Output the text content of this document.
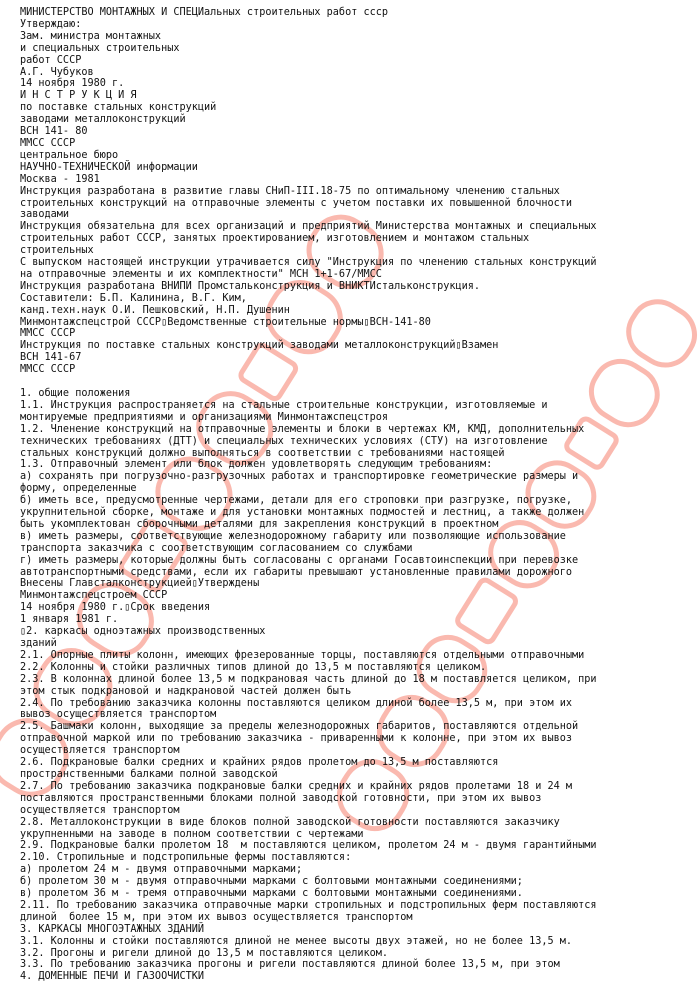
МИНИСТЕРСТВО МОНТАЖНЫХ И СПЕЦИальных строительных работ ссср
Утверждаю:
Зам. министра монтажных
и специальных строительных
работ СССР
А.Г. Чубуков
14 ноября 1980 г.
И Н С Т Р У К Ц И Я
по поставке стальных конструкций
заводами металлоконструкций
ВСН 141- 80
ММСС СССР
центральное бюро
НАУЧНО-ТЕХНИЧЕСКОЙ информации
Москва - 1981
Инструкция разработана в развитие главы СНиП-III.18-75 по оптимальному членению стальных
строительных конструкций на отправочные элементы с учетом поставки их повышенной блочности
заводами
Инструкция обязательна для всех организаций и предприятий Министерства монтажных и специальных
строительных работ СССР, занятых проектированием, изготовлением и монтажом стальных
строительных
С выпуском настоящей инструкции утрачивается силу "Инструкция по членению стальных конструкций
на отправочные элементы и их комплектности" МСН 1+1-67/ММСС
Инструкция разработана ВНИПИ Промстальконструкция и ВНИКТИстальконструкция.
Составители: Б.П. Калинина, В.Г. Ким,
канд.техн.наук О.И. Пешковский, Н.П. Душенин
Минмонтажспецстрой СССР▯Ведомственные строительные нормы▯ВСН-141-80
ММСС СССР
Инструкция по поставке стальных конструкций заводами металлоконструкций▯Взамен
ВСН 141-67
ММСС СССР
1. общие положения
1.1. Инструкция распространяется на стальные строительные конструкции, изготовляемые и
монтируемые предприятиями и организациями Минмонтажспецстроя
1.2. Членение конструкций на отправочные элементы и блоки в чертежах КМ, КМД, дополнительных
технических требованиях (ДТТ) и специальных технических условиях (СТУ) на изготовление
стальных конструкций должно выполняться в соответствии с требованиями настоящей
1.3. Отправочный элемент или блок должен удовлетворять следующим требованиям:
а) сохранять при погрузочно-разгрузочных работах и транспортировке геометрические размеры и
форму, определенные
б) иметь все, предусмотренные чертежами, детали для его строповки при разгрузке, погрузке,
укрупнительной сборке, монтаже и для установки монтажных подмостей и лестниц, а также должен
быть укомплектован сборочными деталями для закрепления конструкций в проектном
в) иметь размеры, соответствующие железнодорожному габариту или позволяющие использование
транспорта заказчика с соответствующим согласованием со службами
г) иметь размеры, которые должны быть согласованы с органами Госавтоинспекции при перевозке
автотранспортными средствами, если их габариты превышают установленные правилами дорожного
Внесены Главсталконструкцией▯Утверждены
Минмонтажспецстроем СССР
14 ноября 1980 г.▯Срок введения
1 января 1981 г.
▯2. каркасы одноэтажных производственных
зданий
2.1. Опорные плиты колонн, имеющих фрезерованные торцы, поставляются отдельными отправочными
2.2. Колонны и стойки различных типов длиной до 13,5 м поставляются целиком.
2.3. В колоннах длиной более 13,5 м подкрановая часть длиной до 18 м поставляется целиком, при
этом стык подкрановой и надкрановой частей должен быть
2.4. По требованию заказчика колонны поставляются целиком длиной более 13,5 м, при этом их
вывоз осуществляется транспортом
2.5. Башмаки колонн, выходящие за пределы железнодорожных габаритов, поставляются отдельной
отправочной маркой или по требованию заказчика - приваренными к колонне, при этом их вывоз
осуществляется транспортом
2.6. Подкрановые балки средних и крайних рядов пролетом до 13,5 м поставляются
пространственными балками полной заводской
2.7. По требованию заказчика подкрановые балки средних и крайних рядов пролетами 18 и 24 м
поставляются пространственными блоками полной заводской готовности, при этом их вывоз
осуществляется транспортом
2.8. Металлоконструкции в виде блоков полной заводской готовности поставляются заказчику
укрупненными на заводе в полном соответствии с чертежами
2.9. Подкрановые балки пролетом 18  м поставляются целиком, пролетом 24 м - двумя гарантийными
2.10. Стропильные и подстропильные фермы поставляются:
а) пролетом 24 м - двумя отправочными марками;
б) пролетом 30 м - двумя отправочными марками с болтовыми монтажными соединениями;
в) пролетом 36 м - тремя отправочными марками с болтовыми монтажными соединениями.
2.11. По требованию заказчика отправочные марки стропильных и подстропильных ферм поставляются
длиной  более 15 м, при этом их вывоз осуществляется транспортом
3. КАРКАСЫ МНОГОЭТАЖНЫХ ЗДАНИЙ
3.1. Колонны и стойки поставляются длиной не менее высоты двух этажей, но не более 13,5 м.
3.2. Прогоны и ригели длиной до 13,5 м поставляются целиком.
3.3. По требованию заказчика прогоны и ригели поставляются длиной более 13,5 м, при этом
4. ДОМЕННЫЕ ПЕЧИ И ГАЗООЧИСТКИ
